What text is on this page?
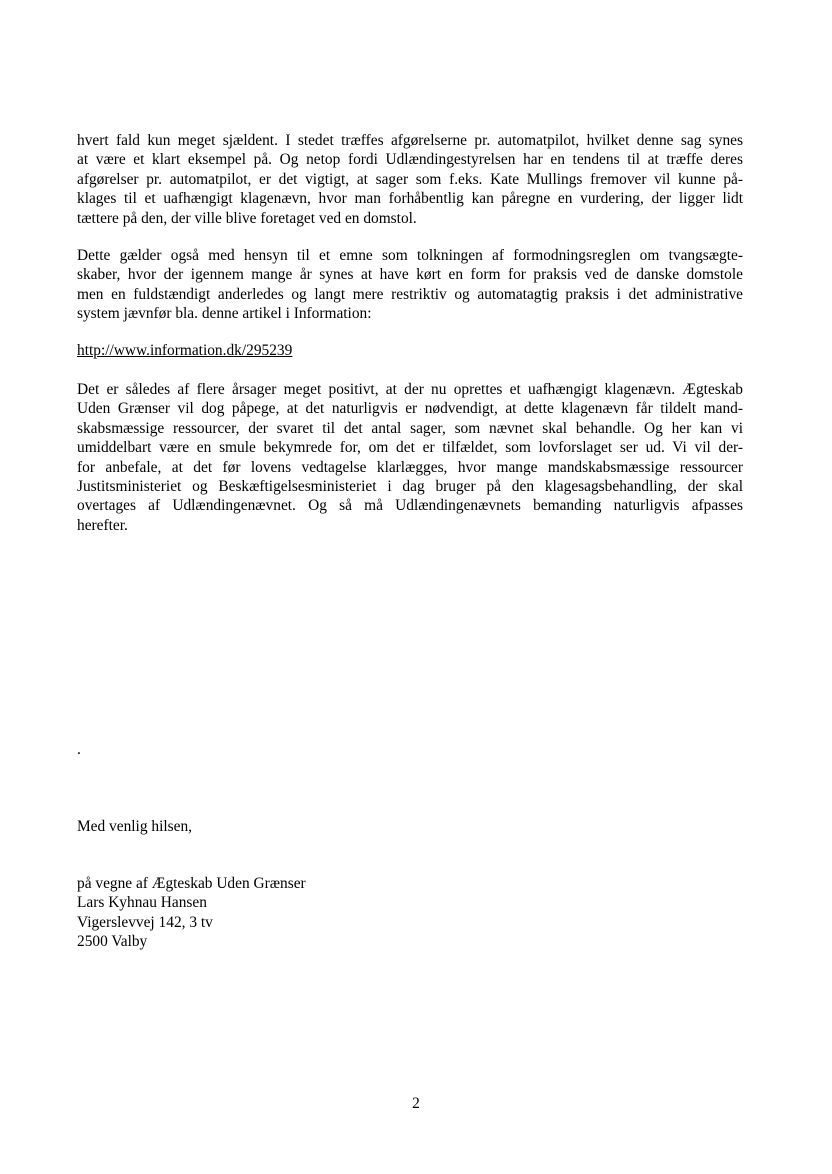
hvert fald kun meget sjældent. I stedet træffes afgørelserne pr. automatpilot, hvilket denne sag synes
at være et klart eksempel på. Og netop fordi Udlændingestyrelsen har en tendens til at træffe deres
afgørelser pr. automatpilot, er det vigtigt, at sager som f.eks. Kate Mullings fremover vil kunne på-
klages til et uafhængigt klagenævn, hvor man forhåbentlig kan påregne en vurdering, der ligger lidt
tættere på den, der ville blive foretaget ved en domstol.
Dette gælder også med hensyn til et emne som tolkningen af formodningsreglen om tvangsægte-
skaber, hvor der igennem mange år synes at have kørt en form for praksis ved de danske domstole
men en fuldstændigt anderledes og langt mere restriktiv og automatagtig praksis i det administrative
system jævnfør bla. denne artikel i Information:
http://www.information.dk/295239
Det er således af flere årsager meget positivt, at der nu oprettes et uafhængigt klagenævn. Ægteskab
Uden Grænser vil dog påpege, at det naturligvis er nødvendigt, at dette klagenævn får tildelt mand-
skabsmæssige ressourcer, der svaret til det antal sager, som nævnet skal behandle. Og her kan vi
umiddelbart være en smule bekymrede for, om det er tilfældet, som lovforslaget ser ud. Vi vil der-
for anbefale, at det før lovens vedtagelse klarlægges, hvor mange mandskabsmæssige ressourcer
Justitsministeriet og Beskæftigelsesministeriet i dag bruger på den klagesagsbehandling, der skal
overtages af Udlændingenævnet. Og så må Udlændingenævnets bemanding naturligvis afpasses
herefter.
.
Med venlig hilsen,
på vegne af Ægteskab Uden Grænser
Lars Kyhnau Hansen
Vigerslevvej 142, 3 tv
2500 Valby
2
